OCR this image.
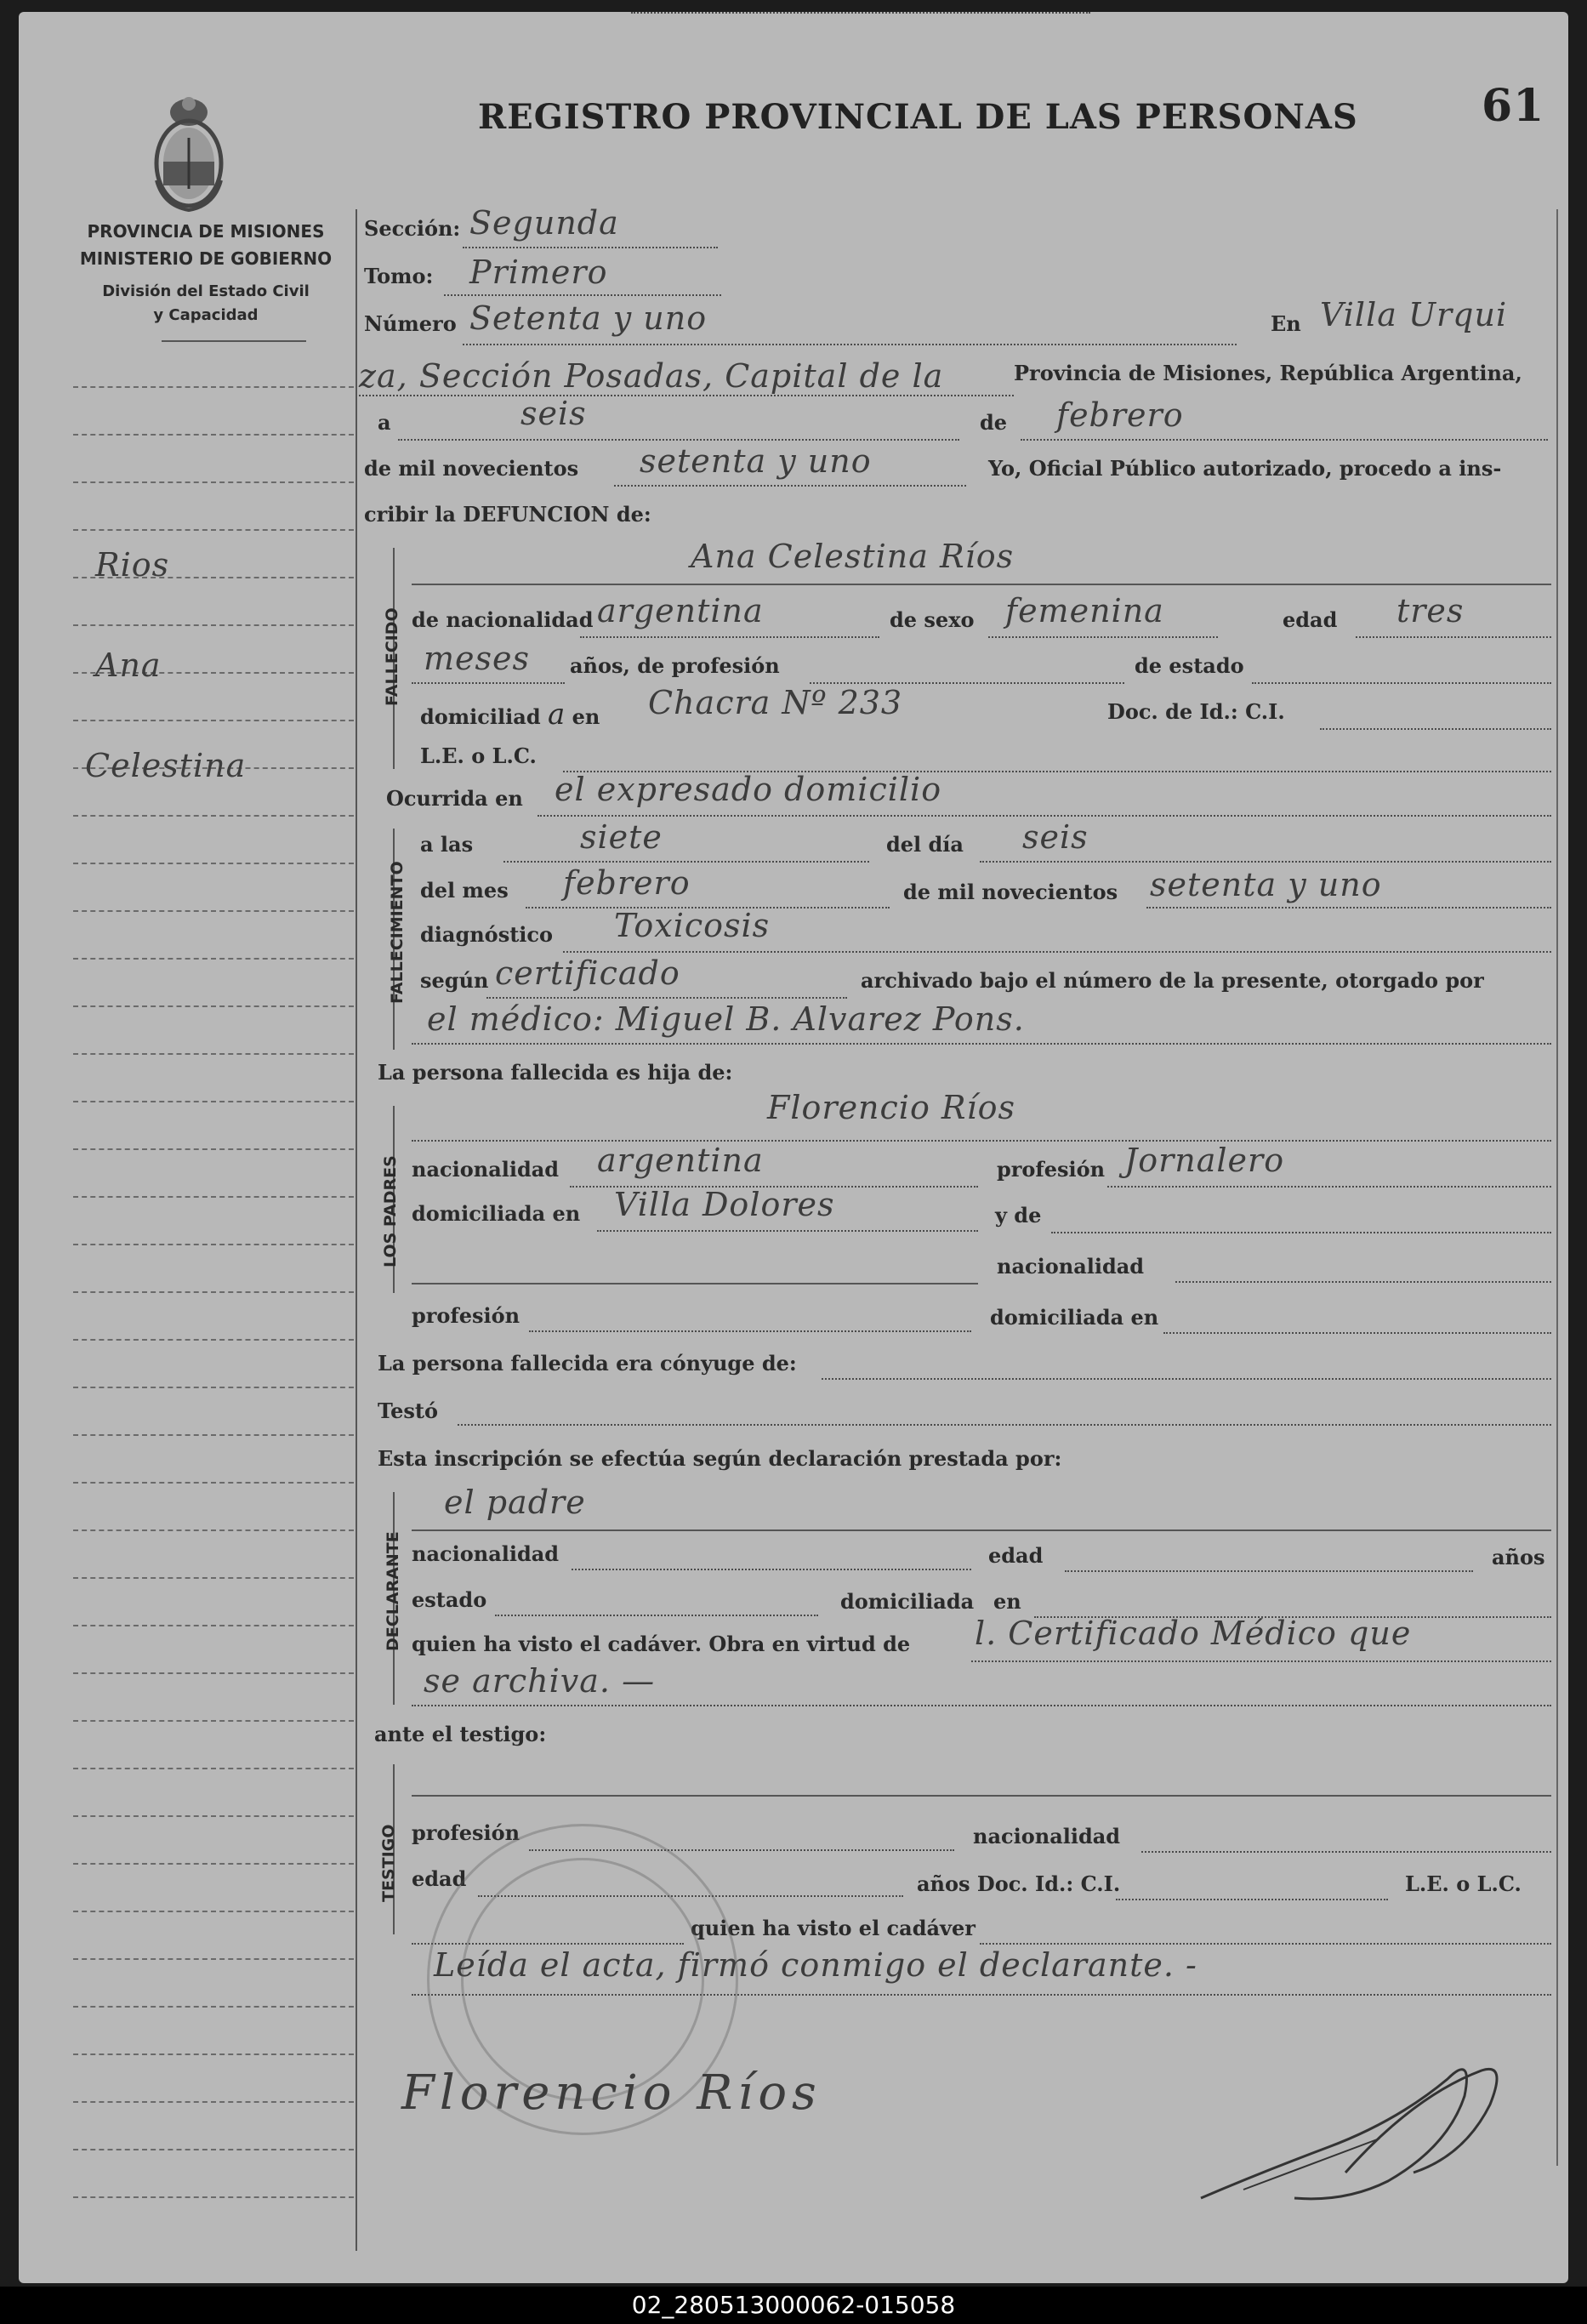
REGISTRO PROVINCIAL DE LAS PERSONAS	61
PROVINCIA DE MISIONES
MINISTERIO DE GOBIERNO
División del Estado Civil
y Capacidad
Rios
Ana
Celestina
Sección: Segunda
Tomo: Primero
Número Setenta y uno	En Villa Urqui
za, Sección Posadas, Capital de la	Provincia de Misiones, República Argentina,
a	seis	de febrero
de mil novecientos setenta y uno	Yo, Oficial Público autorizado, procedo a ins-
cribir la DEFUNCION de:
FALLECIDO
Ana Celestina Ríos
de nacionalidad argentina	de sexo femenina	edad tres
meses años, de profesión	de estado
domiciliad a en Chacra Nº 233	Doc. de Id.: C.I.
L.E. o L.C.
Ocurrida en el expresado domicilio
FALLECIMIENTO
a las	siete	del día seis
del mes febrero	de mil novecientos setenta y uno
diagnóstico Toxicosis
según certificado	archivado bajo el número de la presente, otorgado por
el médico: Miguel B. Alvarez Pons.
La persona fallecida es hija de:
LOS PADRES
Florencio Ríos
nacionalidad argentina	profesión Jornalero
domiciliada en Villa Dolores	y de
nacionalidad
profesión	domiciliada en
La persona fallecida era cónyuge de:
Testó
Esta inscripción se efectúa según declaración prestada por:
DECLARANTE
el padre
nacionalidad	edad	años
estado	domiciliada en
quien ha visto el cadáver. Obra en virtud de l. Certificado Médico que
se archiva. —
ante el testigo:
TESTIGO profesión	nacionalidad
edad	años Doc. Id.: C.I.	L.E. o L.C.
quien ha visto el cadáver
Leída el acta, firmó conmigo el declarante. -
Florencio Ríos
02_280513000062-015058
